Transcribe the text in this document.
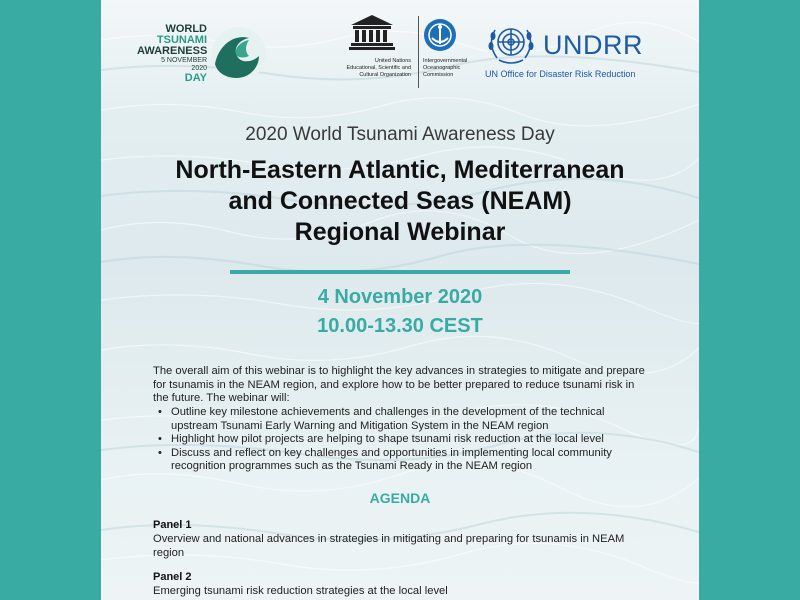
WORLD
TSUNAMI
AWARENESS
5 NOVEMBER
2020
DAY
United Nations
Educational, Scientific and
Cultural Organization
Intergovernmental
Oceanographic
Commission
UNDRR
UN Office for Disaster Risk Reduction
2020 World Tsunami Awareness Day
North-Eastern Atlantic, Mediterranean
and Connected Seas (NEAM)
Regional Webinar
4 November 2020
10.00-13.30 CEST
The overall aim of this webinar is to highlight the key advances in strategies to mitigate and prepare for tsunamis in the NEAM region, and explore how to be better prepared to reduce tsunami risk in the future. The webinar will:
• Outline key milestone achievements and challenges in the development of the technical upstream Tsunami Early Warning and Mitigation System in the NEAM region
• Highlight how pilot projects are helping to shape tsunami risk reduction at the local level
• Discuss and reflect on key challenges and opportunities in implementing local community recognition programmes such as the Tsunami Ready in the NEAM region
AGENDA
Panel 1
Overview and national advances in strategies in mitigating and preparing for tsunamis in NEAM region
Panel 2
Emerging tsunami risk reduction strategies at the local level
